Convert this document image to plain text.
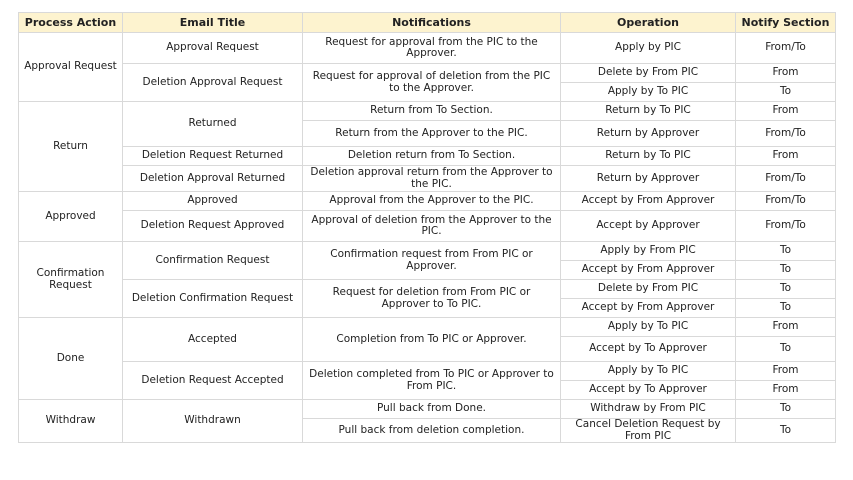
Process Action	Email Title	Notifications	Operation	Notify Section
Approval Request	Approval Request	Request for approval from the PIC to the Approver.	Apply by PIC	From/To
	Deletion Approval Request	Request for approval of deletion from the PIC to the Approver.	Delete by From PIC	From
			Apply by To PIC	To
Return	Returned	Return from To Section.	Return by To PIC	From
		Return from the Approver to the PIC.	Return by Approver	From/To
	Deletion Request Returned	Deletion return from To Section.	Return by To PIC	From
	Deletion Approval Returned	Deletion approval return from the Approver to the PIC.	Return by Approver	From/To
Approved	Approved	Approval from the Approver to the PIC.	Accept by From Approver	From/To
	Deletion Request Approved	Approval of deletion from the Approver to the PIC.	Accept by Approver	From/To
Confirmation Request	Confirmation Request	Confirmation request from From PIC or Approver.	Apply by From PIC	To
			Accept by From Approver	To
	Deletion Confirmation Request	Request for deletion from From PIC or Approver to To PIC.	Delete by From PIC	To
			Accept by From Approver	To
Done	Accepted	Completion from To PIC or Approver.	Apply by To PIC	From
			Accept by To Approver	To
	Deletion Request Accepted	Deletion completed from To PIC or Approver to From PIC.	Apply by To PIC	From
			Accept by To Approver	From
Withdraw	Withdrawn	Pull back from Done.	Withdraw by From PIC	To
		Pull back from deletion completion.	Cancel Deletion Request by From PIC	To
